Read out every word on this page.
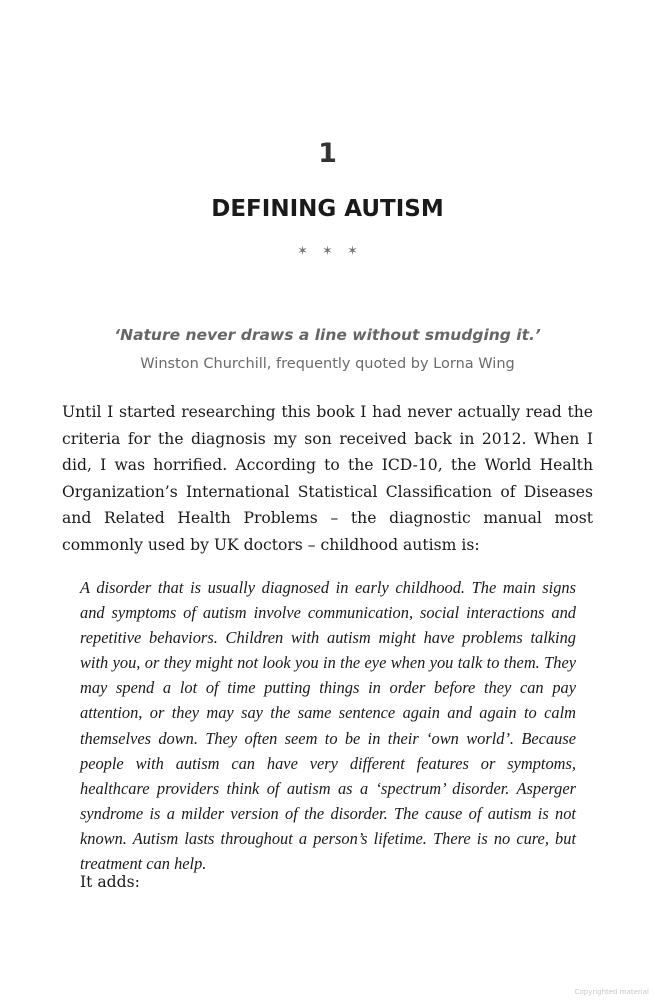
1
DEFINING AUTISM
✶✶✶

‘Nature never draws a line without smudging it.’

Winston Churchill, frequently quoted by Lorna Wing

Until I started researching this book I had never actually read the criteria for the diagnosis my son received back in 2012. When I did, I was horrified. According to the ICD-10, the World Health Organization’s International Statistical Classification of Diseases and Related Health Problems – the diagnostic manual most commonly used by UK doctors – childhood autism is:

A disorder that is usually diagnosed in early childhood. The main signs and symptoms of autism involve communication, social interactions and repetitive behaviors. Children with autism might have problems talking with you, or they might not look you in the eye when you talk to them. They may spend a lot of time putting things in order before they can pay attention, or they may say the same sentence again and again to calm themselves down. They often seem to be in their ‘own world’. Because people with autism can have very different features or symptoms, healthcare providers think of autism as a ‘spectrum’ disorder. Asperger syndrome is a milder version of the disorder. The cause of autism is not known. Autism lasts throughout a person’s lifetime. There is no cure, but treatment can help.

It adds:

Copyrighted material
